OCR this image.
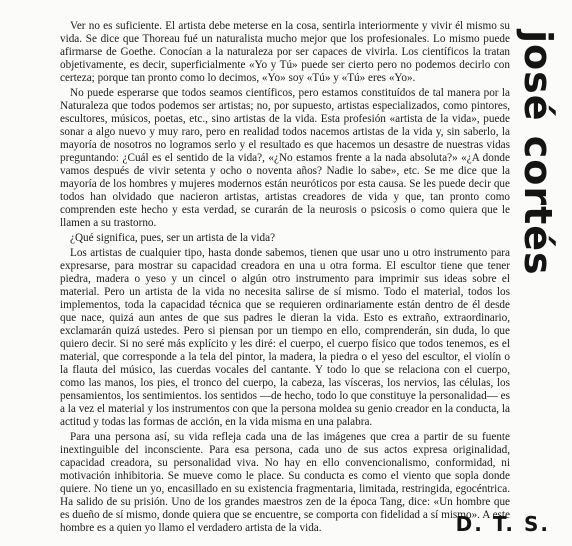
josé cortés

Ver no es suficiente. El artista debe meterse en la cosa, sentirla interiormente y vivir él mismo su vida. Se dice que Thoreau fué un naturalista mucho mejor que los profesionales. Lo mismo puede afirmarse de Goethe. Conocían a la naturaleza por ser capaces de vivirla. Los científicos la tratan objetivamente, es decir, superficialmente «Yo y Tú» puede ser cierto pero no podemos decirlo con certeza; porque tan pronto como lo decimos, «Yo» soy «Tú» y «Tú» eres «Yo».

No puede esperarse que todos seamos científicos, pero estamos constituídos de tal manera por la Naturaleza que todos podemos ser artistas; no, por supuesto, artistas especializados, como pintores, escultores, músicos, poetas, etc., sino artistas de la vida. Esta profesión «artista de la vida», puede sonar a algo nuevo y muy raro, pero en realidad todos nacemos artistas de la vida y, sin saberlo, la mayoría de nosotros no logramos serlo y el resultado es que hacemos un desastre de nuestras vidas preguntando: ¿Cuál es el sentido de la vida?, «¿No estamos frente a la nada absoluta?» «¿A donde vamos después de vivir setenta y ocho o noventa años? Nadie lo sabe», etc. Se me dice que la mayoría de los hombres y mujeres modernos están neuróticos por esta causa. Se les puede decir que todos han olvidado que nacieron artistas, artistas creadores de vida y que, tan pronto como comprenden este hecho y esta verdad, se curarán de la neurosis o psicosis o como quiera que le llamen a su trastorno.

¿Qué significa, pues, ser un artista de la vida?

Los artistas de cualquier tipo, hasta donde sabemos, tienen que usar uno u otro instrumento para expresarse, para mostrar su capacidad creadora en una u otra forma. El escultor tiene que tener piedra, madera o yeso y un cincel o algún otro instrumento para imprimir sus ideas sobre el material. Pero un artista de la vida no necesita salirse de sí mismo. Todo el material, todos los implementos, toda la capacidad técnica que se requieren ordinariamente están dentro de él desde que nace, quizá aun antes de que sus padres le dieran la vida. Esto es extraño, extraordinario, exclamarán quizá ustedes. Pero si piensan por un tiempo en ello, comprenderán, sin duda, lo que quiero decir. Si no seré más explícito y les diré: el cuerpo, el cuerpo físico que todos tenemos, es el material, que corresponde a la tela del pintor, la madera, la piedra o el yeso del escultor, el violín o la flauta del músico, las cuerdas vocales del cantante. Y todo lo que se relaciona con el cuerpo, como las manos, los pies, el tronco del cuerpo, la cabeza, las vísceras, los nervios, las células, los pensamientos, los sentimientos. los sentidos —de hecho, todo lo que constituye la personalidad— es a la vez el material y los instrumentos con que la persona moldea su genio creador en la conducta, la actitud y todas las formas de acción, en la vida misma en una palabra.

Para una persona así, su vida refleja cada una de las imágenes que crea a partir de su fuente inextinguible del inconsciente. Para esa persona, cada uno de sus actos expresa originalidad, capacidad creadora, su personalidad viva. No hay en ello convencionalismo, conformidad, ni motivación inhibitoria. Se mueve como le place. Su conducta es como el viento que sopla donde quiere. No tiene un yo, encasillado en su existencia fragmentaria, limitada, restringida, egocéntrica. Ha salido de su prisión. Uno de los grandes maestros zen de la época Tang, dice: «Un hombre que es dueño de sí mismo, donde quiera que se encuentre, se comporta con fidelidad a sí mismo». A este hombre es a quien yo llamo el verdadero artista de la vida.	D. T. S.
